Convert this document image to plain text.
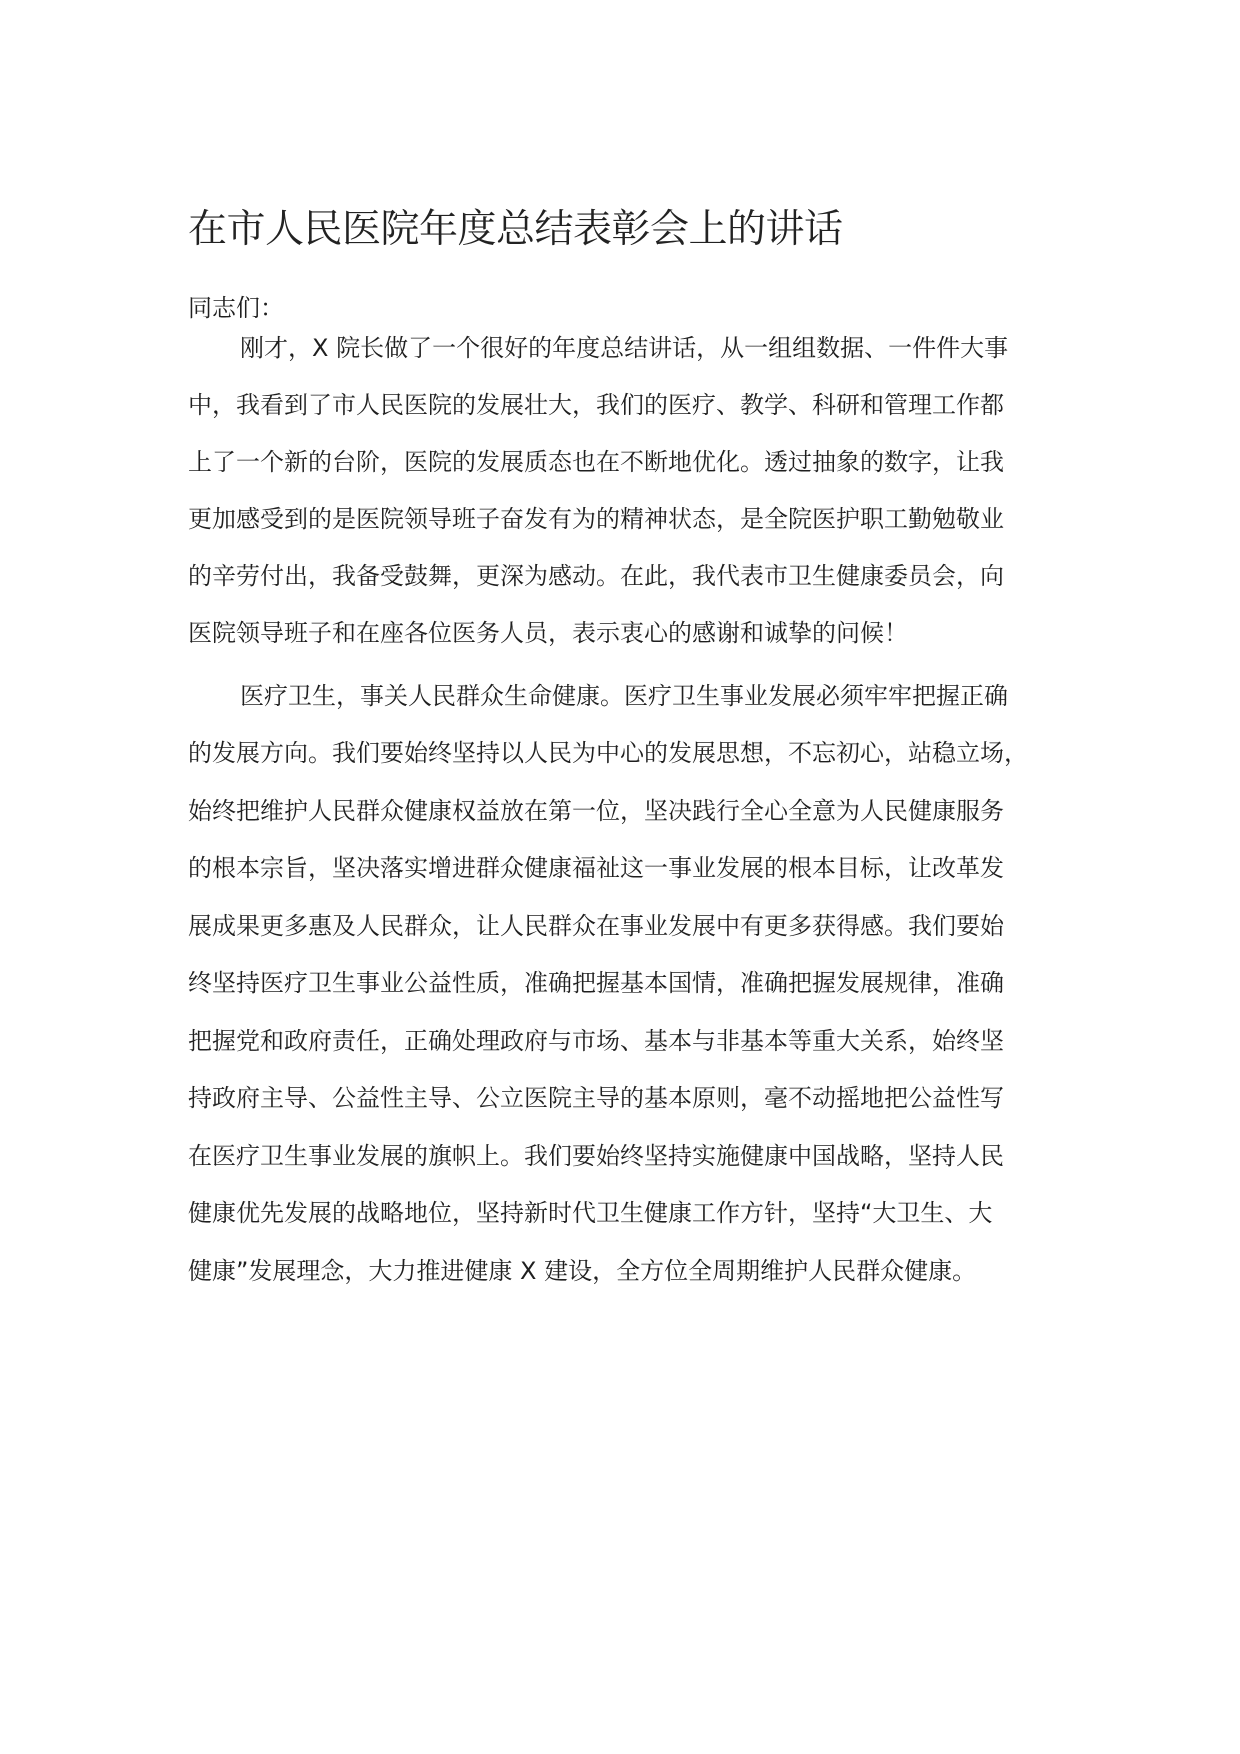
在市人民医院年度总结表彰会上的讲话

同志们：

刚才，X 院长做了一个很好的年度总结讲话，从一组组数据、一件件大事

中，我看到了市人民医院的发展壮大，我们的医疗、教学、科研和管理工作都

上了一个新的台阶，医院的发展质态也在不断地优化。透过抽象的数字，让我

更加感受到的是医院领导班子奋发有为的精神状态，是全院医护职工勤勉敬业

的辛劳付出，我备受鼓舞，更深为感动。在此，我代表市卫生健康委员会，向

医院领导班子和在座各位医务人员，表示衷心的感谢和诚挚的问候！

医疗卫生，事关人民群众生命健康。医疗卫生事业发展必须牢牢把握正确

的发展方向。我们要始终坚持以人民为中心的发展思想，不忘初心，站稳立场，

始终把维护人民群众健康权益放在第一位，坚决践行全心全意为人民健康服务

的根本宗旨，坚决落实增进群众健康福祉这一事业发展的根本目标，让改革发

展成果更多惠及人民群众，让人民群众在事业发展中有更多获得感。我们要始

终坚持医疗卫生事业公益性质，准确把握基本国情，准确把握发展规律，准确

把握党和政府责任，正确处理政府与市场、基本与非基本等重大关系，始终坚

持政府主导、公益性主导、公立医院主导的基本原则，毫不动摇地把公益性写

在医疗卫生事业发展的旗帜上。我们要始终坚持实施健康中国战略，坚持人民

健康优先发展的战略地位，坚持新时代卫生健康工作方针，坚持“大卫生、大

健康”发展理念，大力推进健康 X 建设，全方位全周期维护人民群众健康。
